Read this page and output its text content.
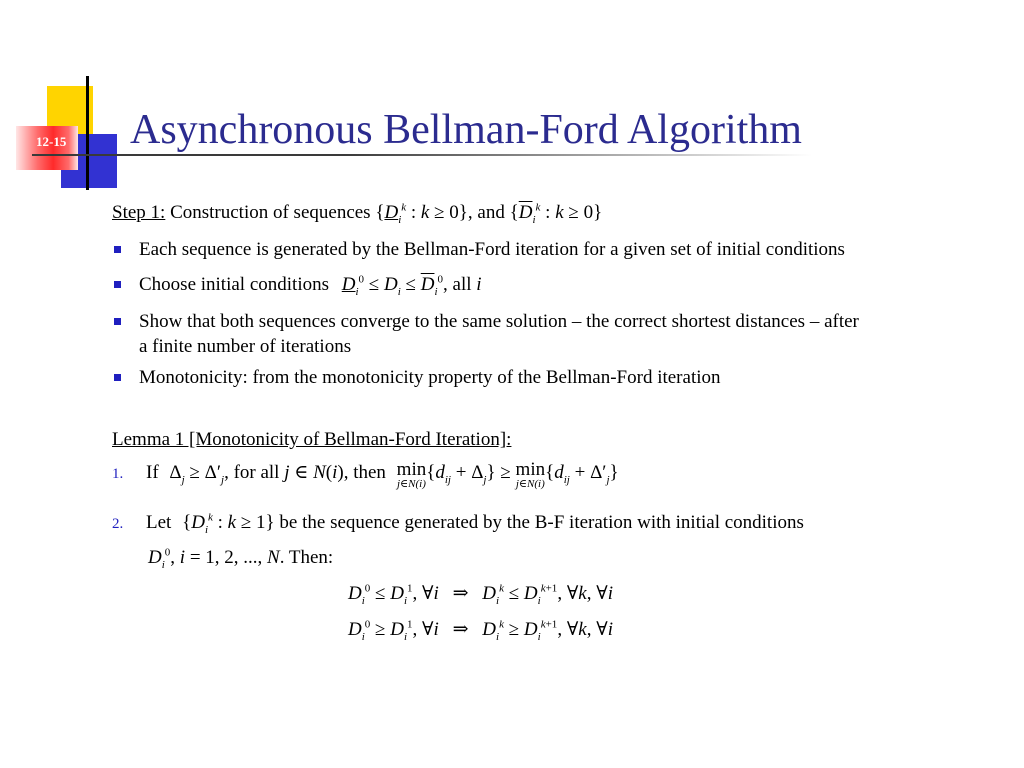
12-15 Asynchronous Bellman-Ford Algorithm
Step 1: Construction of sequences {$D_i^k$ : k ≥ 0}, and {$\overline{D}_i^k$ : k ≥ 0}
Each sequence is generated by the Bellman-Ford iteration for a given set of initial conditions
Choose initial conditions $D_i^0 \le D_i \le \overline{D}_i^0$, all i
Show that both sequences converge to the same solution – the correct shortest distances – after
a finite number of iterations
Monotonicity: from the monotonicity property of the Bellman-Ford iteration
Lemma 1 [Monotonicity of Bellman-Ford Iteration]:
1. If $\Delta_j \ge \Delta'_j$, for all j ∈ N(i), then min
j∈N(i)
$\{d_{ij} + \Delta_j\} \ge \min$
j∈N(i)
$\{d_{ij} + \Delta'_j\}$
2. Let {$D_i^k$ : k ≥ 1} be the sequence generated by the B-F iteration with initial conditions
$D_i^0$, i = 1, 2, ..., N. Then:
$D_i^0 \le D_i^1$, ∀i ⇒ $D_i^k \le D_i^{k+1}$, ∀k, ∀i
$D_i^0 \ge D_i^1$, ∀i ⇒ $D_i^k \ge D_i^{k+1}$, ∀k, ∀i
